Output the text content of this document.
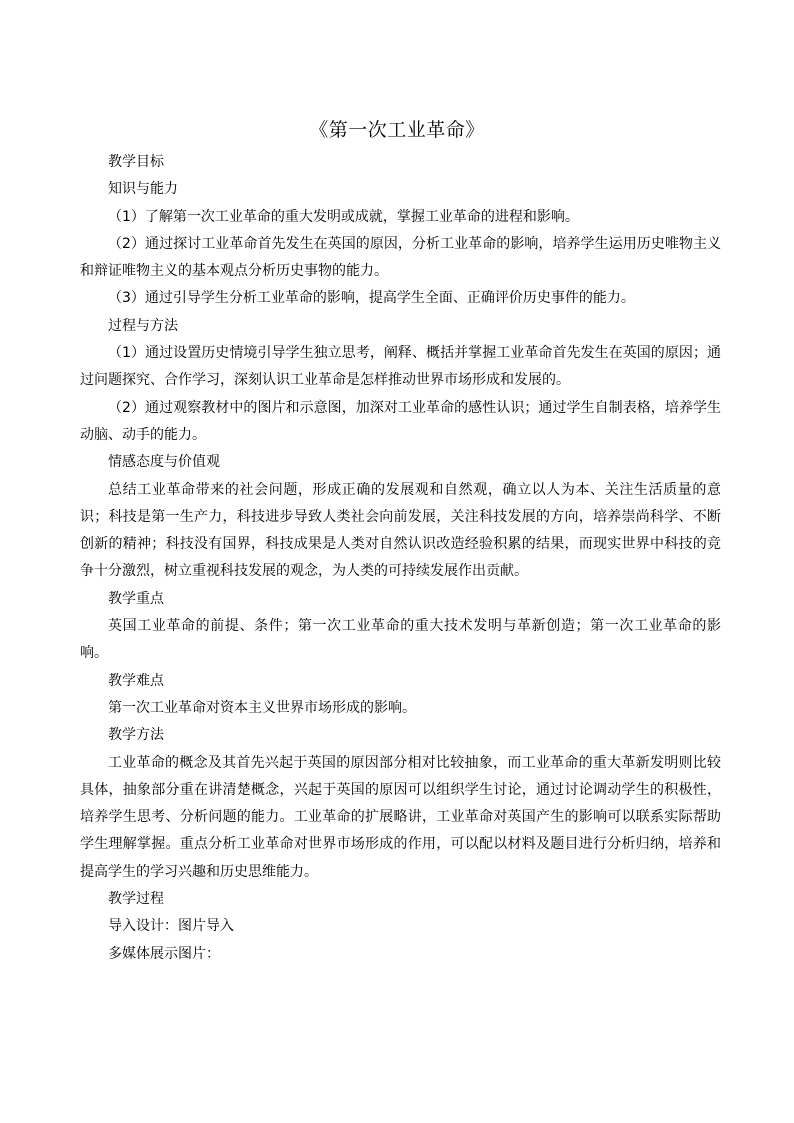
《第一次工业革命》

教学目标

知识与能力

（1）了解第一次工业革命的重大发明或成就，掌握工业革命的进程和影响。

（2）通过探讨工业革命首先发生在英国的原因，分析工业革命的影响，培养学生运用历史唯物主义和辩证唯物主义的基本观点分析历史事物的能力。

（3）通过引导学生分析工业革命的影响，提高学生全面、正确评价历史事件的能力。

过程与方法

（1）通过设置历史情境引导学生独立思考，阐释、概括并掌握工业革命首先发生在英国的原因；通过问题探究、合作学习，深刻认识工业革命是怎样推动世界市场形成和发展的。

（2）通过观察教材中的图片和示意图，加深对工业革命的感性认识；通过学生自制表格，培养学生动脑、动手的能力。

情感态度与价值观

总结工业革命带来的社会问题，形成正确的发展观和自然观，确立以人为本、关注生活质量的意识；科技是第一生产力，科技进步导致人类社会向前发展，关注科技发展的方向，培养崇尚科学、不断创新的精神；科技没有国界，科技成果是人类对自然认识改造经验积累的结果，而现实世界中科技的竞争十分激烈，树立重视科技发展的观念，为人类的可持续发展作出贡献。

教学重点

英国工业革命的前提、条件；第一次工业革命的重大技术发明与革新创造；第一次工业革命的影响。

教学难点

第一次工业革命对资本主义世界市场形成的影响。

教学方法

工业革命的概念及其首先兴起于英国的原因部分相对比较抽象，而工业革命的重大革新发明则比较具体，抽象部分重在讲清楚概念，兴起于英国的原因可以组织学生讨论，通过讨论调动学生的积极性，培养学生思考、分析问题的能力。工业革命的扩展略讲，工业革命对英国产生的影响可以联系实际帮助学生理解掌握。重点分析工业革命对世界市场形成的作用，可以配以材料及题目进行分析归纳，培养和提高学生的学习兴趣和历史思维能力。

教学过程

导入设计：图片导入

多媒体展示图片：
